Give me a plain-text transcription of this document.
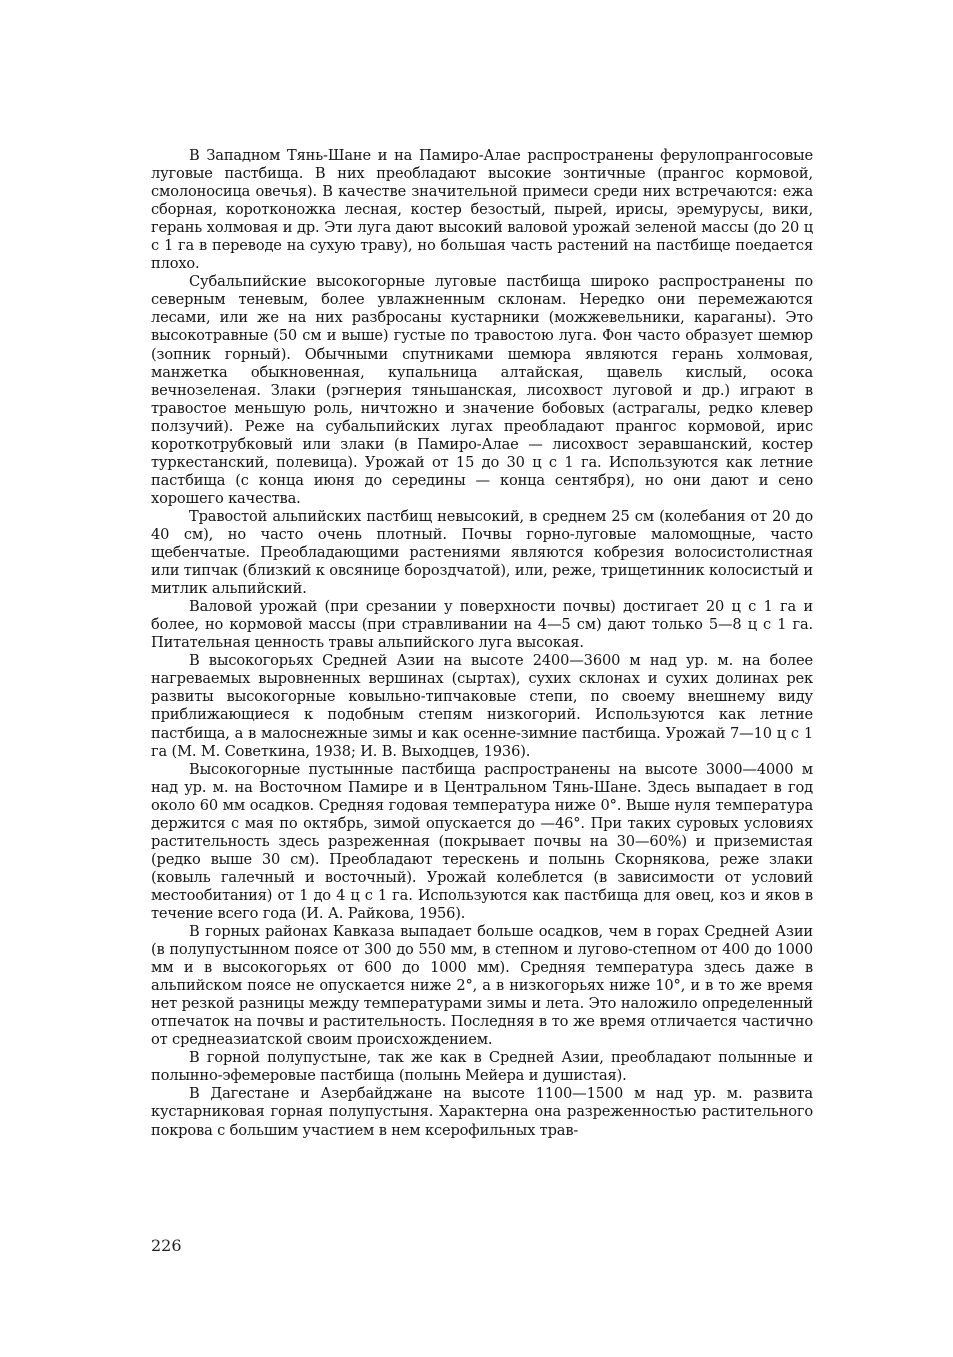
В Западном Тянь-Шане и на Памиро-Алае распространены ферулопрангосовые луговые пастбища. В них преобладают высокие зонтичные (прангос кормовой, смолоносица овечья). В качестве значительной примеси среди них встречаются: ежа сборная, коротконожка лесная, костер безостый, пырей, ирисы, эремурусы, вики, герань холмовая и др. Эти луга дают высокий валовой урожай зеленой массы (до 20 ц с 1 га в переводе на сухую траву), но большая часть растений на пастбище поедается плохо.

Субальпийские высокогорные луговые пастбища широко распространены по северным теневым, более увлажненным склонам. Нередко они перемежаются лесами, или же на них разбросаны кустарники (можжевельники, караганы). Это высокотравные (50 см и выше) густые по травостою луга. Фон часто образует шемюр (зопник горный). Обычными спутниками шемюра являются герань холмовая, манжетка обыкновенная, купальница алтайская, щавель кислый, осока вечнозеленая. Злаки (рэгнерия тяньшанская, лисохвост луговой и др.) играют в травостое меньшую роль, ничтожно и значение бобовых (астрагалы, редко клевер ползучий). Реже на субальпийских лугах преобладают прангос кормовой, ирис короткотрубковый или злаки (в Памиро-Алае — лисохвост зеравшанский, костер туркестанский, полевица). Урожай от 15 до 30 ц с 1 га. Используются как летние пастбища (с конца июня до середины — конца сентября), но они дают и сено хорошего качества.

Травостой альпийских пастбищ невысокий, в среднем 25 см (колебания от 20 до 40 см), но часто очень плотный. Почвы горно-луговые маломощные, часто щебенчатые. Преобладающими растениями являются кобрезия волосистолистная или типчак (близкий к овсянице бороздчатой), или, реже, трищетинник колосистый и митлик альпийский.

Валовой урожай (при срезании у поверхности почвы) достигает 20 ц с 1 га и более, но кормовой массы (при стравливании на 4—5 см) дают только 5—8 ц с 1 га. Питательная ценность травы альпийского луга высокая.

В высокогорьях Средней Азии на высоте 2400—3600 м над ур. м. на более нагреваемых выровненных вершинах (сыртах), сухих склонах и сухих долинах рек развиты высокогорные ковыльно-типчаковые степи, по своему внешнему виду приближающиеся к подобным степям низкогорий. Используются как летние пастбища, а в малоснежные зимы и как осенне-зимние пастбища. Урожай 7—10 ц с 1 га (М. М. Советкина, 1938; И. В. Выходцев, 1936).

Высокогорные пустынные пастбища распространены на высоте 3000—4000 м над ур. м. на Восточном Памире и в Центральном Тянь-Шане. Здесь выпадает в год около 60 мм осадков. Средняя годовая температура ниже 0°. Выше нуля температура держится с мая по октябрь, зимой опускается до —46°. При таких суровых условиях растительность здесь разреженная (покрывает почвы на 30—60%) и приземистая (редко выше 30 см). Преобладают терескень и полынь Скорнякова, реже злаки (ковыль галечный и восточный). Урожай колеблется (в зависимости от условий местообитания) от 1 до 4 ц с 1 га. Используются как пастбища для овец, коз и яков в течение всего года (И. А. Райкова, 1956).

В горных районах Кавказа выпадает больше осадков, чем в горах Средней Азии (в полупустынном поясе от 300 до 550 мм, в степном и лугово-степном от 400 до 1000 мм и в высокогорьях от 600 до 1000 мм). Средняя температура здесь даже в альпийском поясе не опускается ниже 2°, а в низкогорьях ниже 10°, и в то же время нет резкой разницы между температурами зимы и лета. Это наложило определенный отпечаток на почвы и растительность. Последняя в то же время отличается частично от среднеазиатской своим происхождением.

В горной полупустыне, так же как в Средней Азии, преобладают полынные и полынно-эфемеровые пастбища (полынь Мейера и душистая).

В Дагестане и Азербайджане на высоте 1100—1500 м над ур. м. развита кустарниковая горная полупустыня. Характерна она разреженностью растительного покрова с большим участием в нем ксерофильных трав-

226
